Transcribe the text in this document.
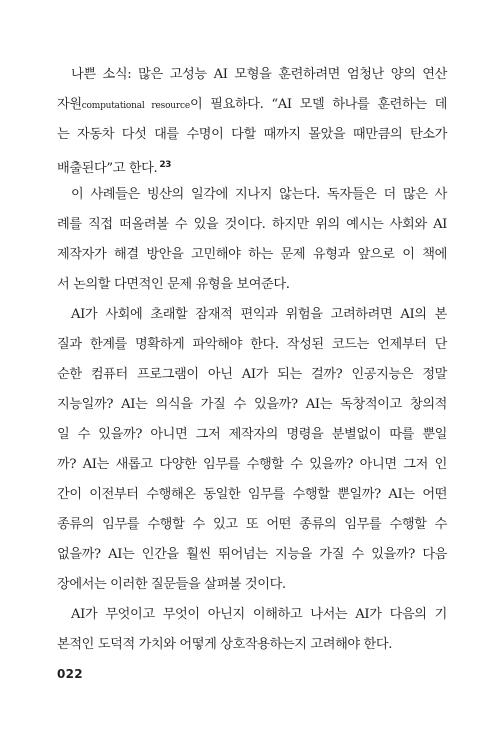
나쁜 소식: 많은 고성능 AI 모형을 훈련하려면 엄청난 양의 연산
자원computational resource이 필요하다. “AI 모델 하나를 훈련하는 데
는 자동차 다섯 대를 수명이 다할 때까지 몰았을 때만큼의 탄소가
배출된다”고 한다. $^{23}$
이 사례들은 빙산의 일각에 지나지 않는다. 독자들은 더 많은 사
례를 직접 떠올려볼 수 있을 것이다. 하지만 위의 예시는 사회와 AI
제작자가 해결 방안을 고민해야 하는 문제 유형과 앞으로 이 책에
서 논의할 다면적인 문제 유형을 보여준다.
AI가 사회에 초래할 잠재적 편익과 위험을 고려하려면 AI의 본
질과 한계를 명확하게 파악해야 한다. 작성된 코드는 언제부터 단
순한 컴퓨터 프로그램이 아닌 AI가 되는 걸까? 인공지능은 정말
지능일까? AI는 의식을 가질 수 있을까? AI는 독창적이고 창의적
일 수 있을까? 아니면 그저 제작자의 명령을 분별없이 따를 뿐일
까? AI는 새롭고 다양한 임무를 수행할 수 있을까? 아니면 그저 인
간이 이전부터 수행해온 동일한 임무를 수행할 뿐일까? AI는 어떤
종류의 임무를 수행할 수 있고 또 어떤 종류의 임무를 수행할 수
없을까? AI는 인간을 훨씬 뛰어넘는 지능을 가질 수 있을까? 다음
장에서는 이러한 질문들을 살펴볼 것이다.
AI가 무엇이고 무엇이 아닌지 이해하고 나서는 AI가 다음의 기
본적인 도덕적 가치와 어떻게 상호작용하는지 고려해야 한다.
022
